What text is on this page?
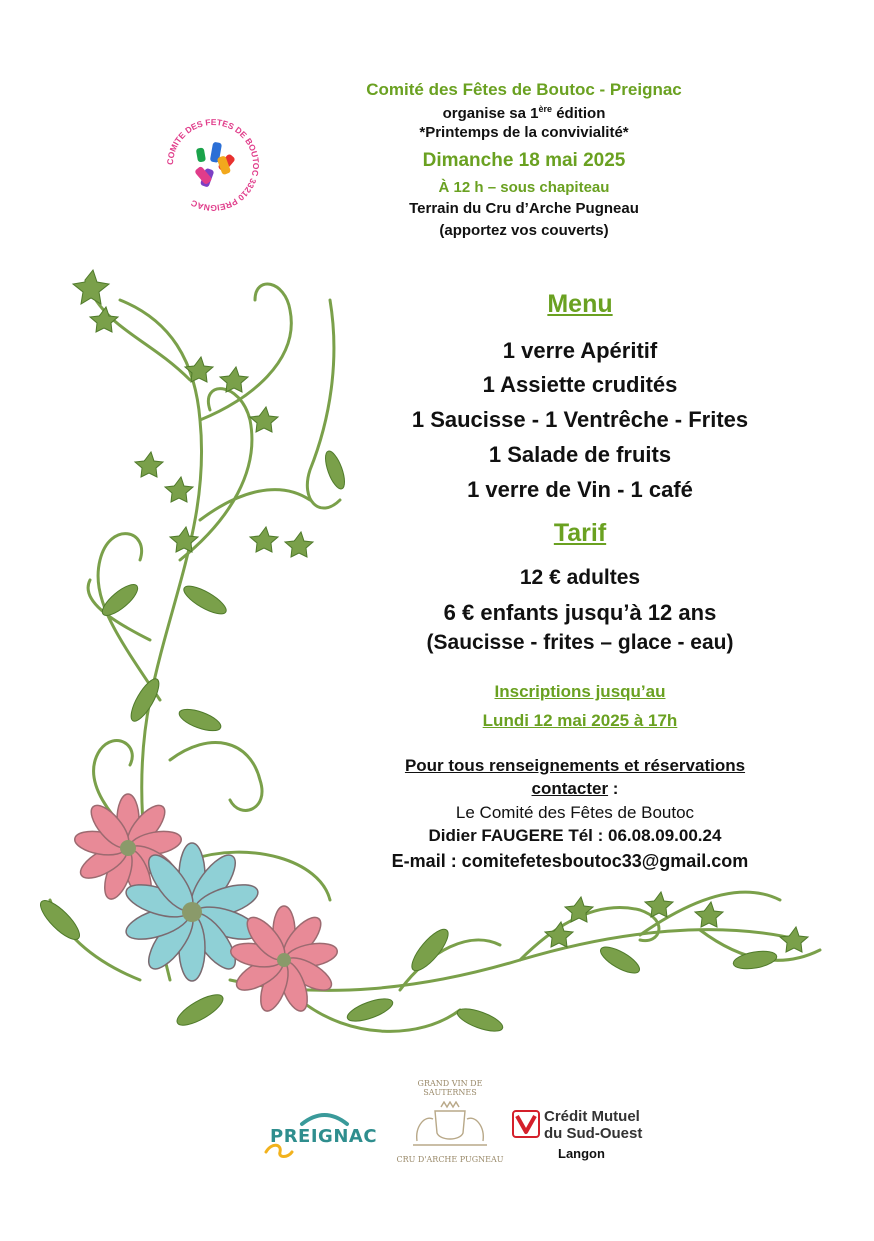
COMITE DES FETES DE BOUTOC 33210 PREIGNAC
Comité des Fêtes de Boutoc - Preignac
organise sa 1ère édition
*Printemps de la convivialité*
Dimanche 18 mai 2025
À 12 h – sous chapiteau
Terrain du Cru d’Arche Pugneau
(apportez vos couverts)
Menu
1 verre Apéritif
1 Assiette crudités
1 Saucisse - 1 Ventrêche - Frites
1 Salade de fruits
1 verre de Vin - 1 café
Tarif
12 € adultes
6 € enfants jusqu’à 12 ans
(Saucisse - frites – glace - eau)
Inscriptions jusqu’au
Lundi 12 mai 2025 à 17h
Pour tous renseignements et réservations
contacter :
Le Comité des Fêtes de Boutoc
Didier FAUGERE Tél : 06.08.09.00.24
E-mail : comitefetesboutoc33@gmail.com
PREIGNAC
GRAND VIN DE SAUTERNES
CRU D'ARCHE PUGNEAU
Crédit Mutuel
du Sud-Ouest
Langon
